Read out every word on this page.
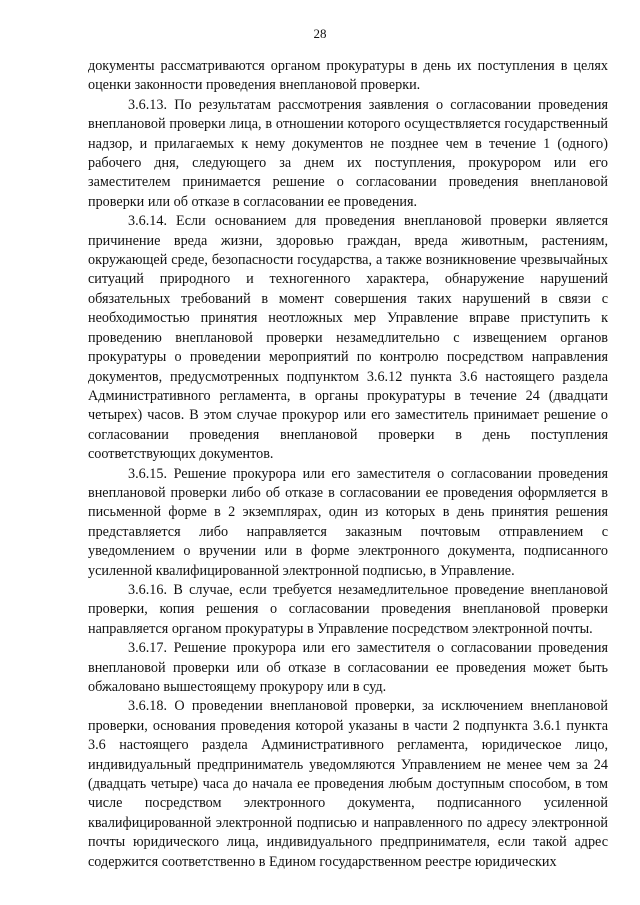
28

документы рассматриваются органом прокуратуры в день их поступления в целях оценки законности проведения внеплановой проверки.

3.6.13. По результатам рассмотрения заявления о согласовании проведения внеплановой проверки лица, в отношении которого осуществляется государственный надзор, и прилагаемых к нему документов не позднее чем в течение 1 (одного) рабочего дня, следующего за днем их поступления, прокурором или его заместителем принимается решение о согласовании проведения внеплановой проверки или об отказе в согласовании ее проведения.

3.6.14. Если основанием для проведения внеплановой проверки является причинение вреда жизни, здоровью граждан, вреда животным, растениям, окружающей среде, безопасности государства, а также возникновение чрезвычайных ситуаций природного и техногенного характера, обнаружение нарушений обязательных требований в момент совершения таких нарушений в связи с необходимостью принятия неотложных мер Управление вправе приступить к проведению внеплановой проверки незамедлительно с извещением органов прокуратуры о проведении мероприятий по контролю посредством направления документов, предусмотренных подпунктом 3.6.12 пункта 3.6 настоящего раздела Административного регламента, в органы прокуратуры в течение 24 (двадцати четырех) часов. В этом случае прокурор или его заместитель принимает решение о согласовании проведения внеплановой проверки в день поступления соответствующих документов.

3.6.15. Решение прокурора или его заместителя о согласовании проведения внеплановой проверки либо об отказе в согласовании ее проведения оформляется в письменной форме в 2 экземплярах, один из которых в день принятия решения представляется либо направляется заказным почтовым отправлением с уведомлением о вручении или в форме электронного документа, подписанного усиленной квалифицированной электронной подписью, в Управление.

3.6.16. В случае, если требуется незамедлительное проведение внеплановой проверки, копия решения о согласовании проведения внеплановой проверки направляется органом прокуратуры в Управление посредством электронной почты.

3.6.17. Решение прокурора или его заместителя о согласовании проведения внеплановой проверки или об отказе в согласовании ее проведения может быть обжаловано вышестоящему прокурору или в суд.

3.6.18. О проведении внеплановой проверки, за исключением внеплановой проверки, основания проведения которой указаны в части 2 подпункта 3.6.1 пункта 3.6 настоящего раздела Административного регламента, юридическое лицо, индивидуальный предприниматель уведомляются Управлением не менее чем за 24 (двадцать четыре) часа до начала ее проведения любым доступным способом, в том числе посредством электронного документа, подписанного усиленной квалифицированной электронной подписью и направленного по адресу электронной почты юридического лица, индивидуального предпринимателя, если такой адрес содержится соответственно в Едином государственном реестре юридических
